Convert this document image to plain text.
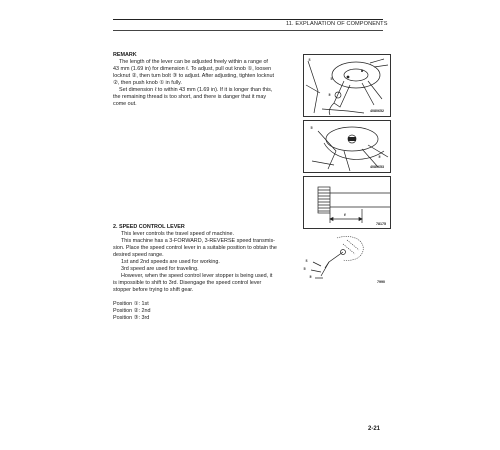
11. EXPLANATION OF COMPONENTS
REMARK
The length of the lever can be adjusted freely within a range of
43 mm (1.69 in) for dimension ℓ. To adjust, pull out knob ①, loosen
locknut ②, then turn bolt ③ to adjust. After adjusting, tighten locknut
②, then push knob ① in fully.
Set dimension ℓ to within 43 mm (1.69 in). If it is longer than this,
the remaining thread is too short, and there is danger that it may
come out.
2. SPEED CONTROL LEVER
This lever controls the travel speed of machine.
This machine has a 3-FORWARD, 3-REVERSE speed transmis-
sion. Place the speed control lever in a suitable position to obtain the
desired speed range.
1st and 2nd speeds are used for working.
3rd speed are used for traveling.
However, when the speed control lever stopper is being used, it
is impossible to shift to 3rd. Disengage the speed control lever
stopper before trying to shift gear.
Position ①: 1st
Position ②: 2nd
Position ③: 3rd
①
②
③
4080652
②
③
4080653
ℓ
78175
①
②
③
7990
2-21
